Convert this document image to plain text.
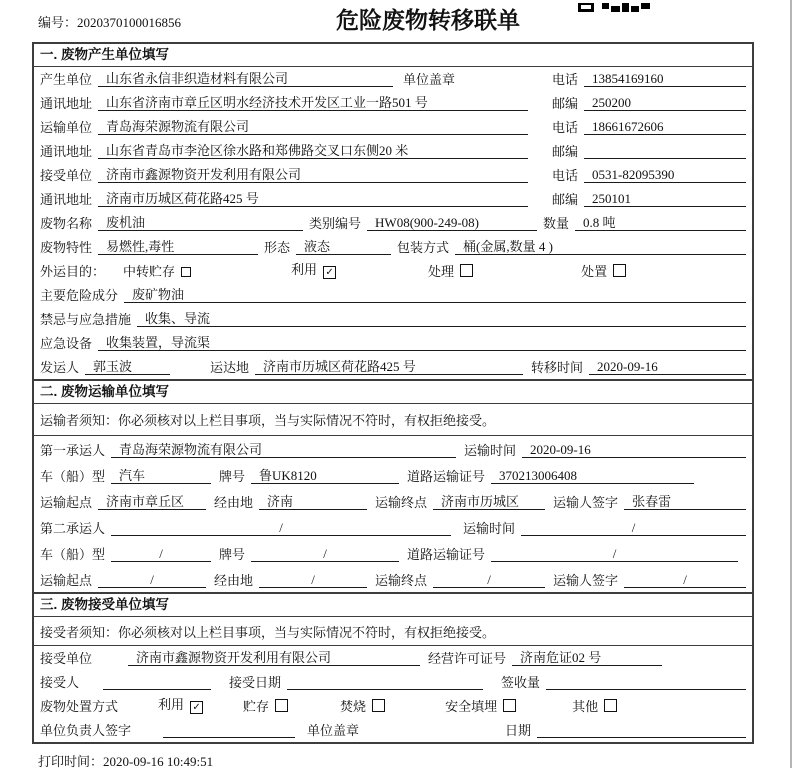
编号：2020370100016856	危险废物转移联单
一. 废物产生单位填写
产生单位	山东省永信非织造材料有限公司	单位盖章	电话	13854169160
通讯地址	山东省济南市章丘区明水经济技术开发区工业一路501 号	邮编	250200
运输单位	青岛海荣源物流有限公司	电话	18661672606
通讯地址	山东省青岛市李沧区徐水路和郑佛路交叉口东侧20 米	邮编
接受单位	济南市鑫源物资开发利用有限公司	电话	0531-82095390
通讯地址	济南市历城区荷花路425 号	邮编	250101
废物名称	废机油	类别编号	HW08(900-249-08)	数量	0.8 吨
废物特性	易燃性,毒性	形态	液态	包装方式	桶(金属,数量 4 )
外运目的： 中转贮存	利用 ✓	处理	处置
主要危险成分	废矿物油
禁忌与应急措施	收集、导流
应急设备	收集装置，导流渠
发运人	郭玉波	运达地	济南市历城区荷花路425 号	转移时间	2020-09-16
二. 废物运输单位填写
运输者须知：你必须核对以上栏目事项，当与实际情况不符时，有权拒绝接受。
第一承运人	青岛海荣源物流有限公司	运输时间	2020-09-16
车（船）型	汽车	牌号	鲁UK8120	道路运输证号	370213006408
运输起点	济南市章丘区	经由地	济南	运输终点	济南市历城区	运输人签字	张春雷
第二承运人	/	运输时间	/
车（船）型	/	牌号	/	道路运输证号	/
运输起点	/	经由地	/	运输终点	/	运输人签字	/
三. 废物接受单位填写
接受者须知：你必须核对以上栏目事项，当与实际情况不符时，有权拒绝接受。
接受单位	济南市鑫源物资开发利用有限公司	经营许可证号	济南危证02 号
接受人	接受日期	签收量
废物处置方式	利用 ✓	贮存	焚烧	安全填埋	其他
单位负责人签字	单位盖章	日期
打印时间：2020-09-16 10:49:51
